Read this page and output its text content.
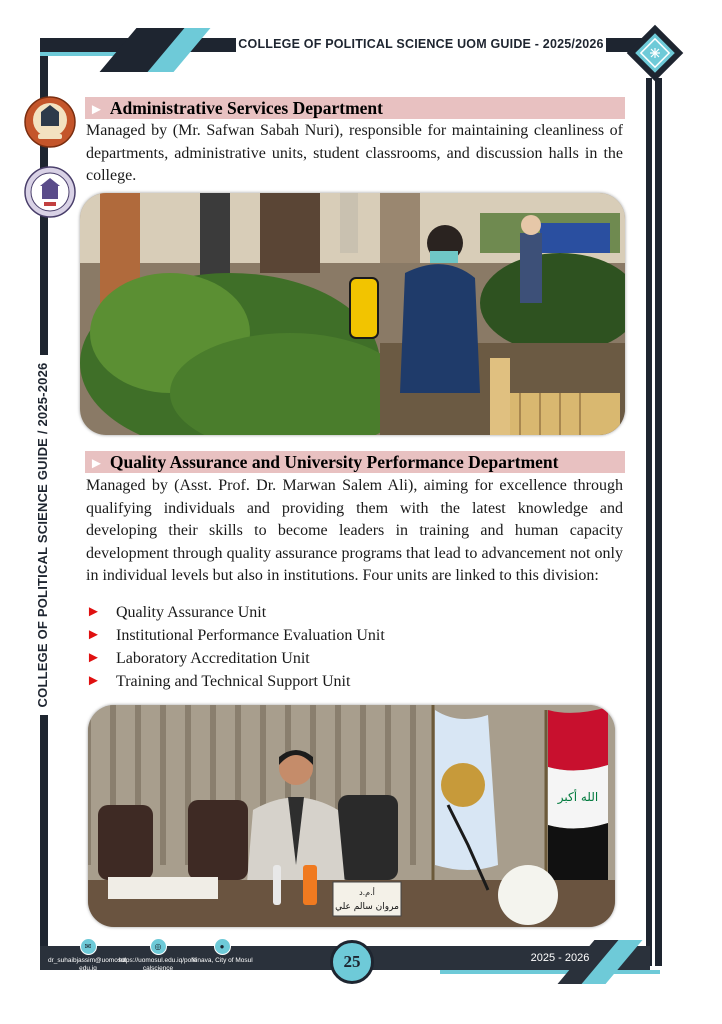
COLLEGE OF POLITICAL SCIENCE UOM GUIDE - 2025/2026
COLLEGE OF POLITICAL SCIENCE GUIDE / 2025-2026
► Administrative Services Department

Managed by (Mr. Safwan Sabah Nuri), responsible for maintaining cleanliness of departments, administrative units, student classrooms, and discussion halls in the college.

► Quality Assurance and University Performance Department

Managed by (Asst. Prof. Dr. Marwan Salem Ali), aiming for excellence through qualifying individuals and providing them with the latest knowledge and developing their skills to become leaders in training and human capacity development through quality assurance programs that lead to advancement not only in individual levels but also in institutions. Four units are linked to this division:

► Quality Assurance Unit
► Institutional Performance Evaluation Unit
► Laboratory Accreditation Unit
► Training and Technical Support Unit
الله أكبر
أ.م.د
مروان سالم علي
✉
dr_suhaibjassim@uomosul.edu.iq
◎
https://uomosul.edu.iq/politicalscience
●
Ninava, City of Mosul	25	2025 - 2026
